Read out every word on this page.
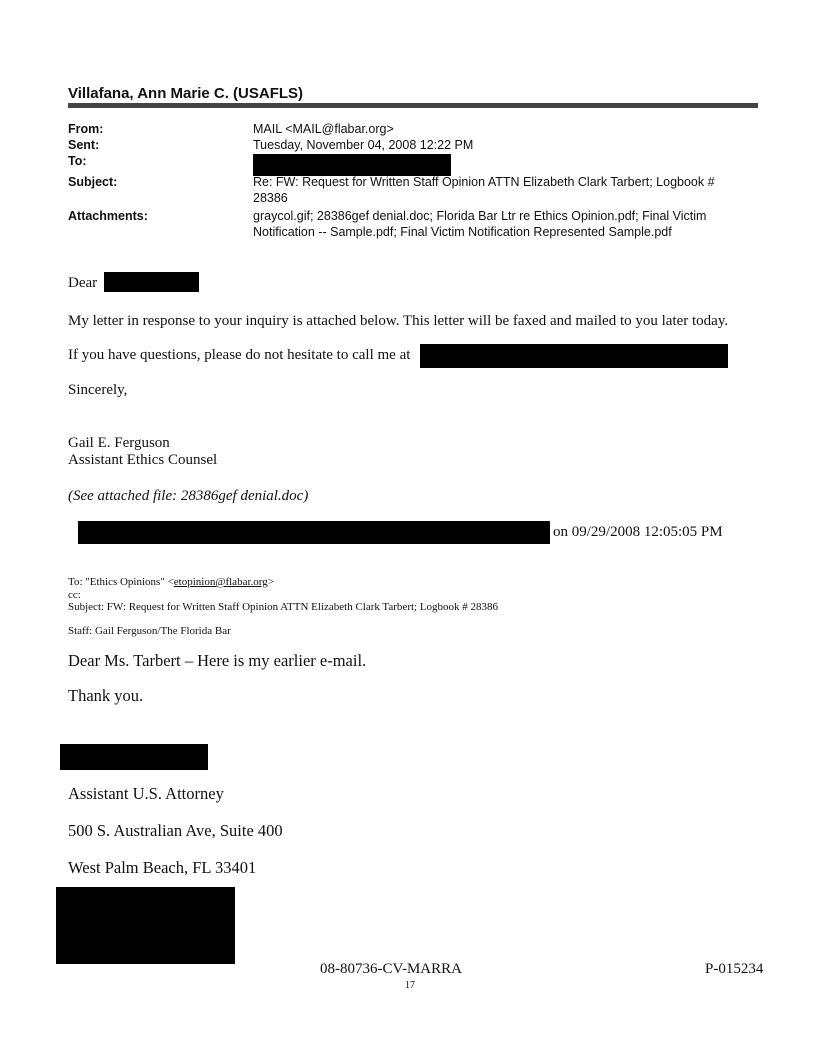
Villafana, Ann Marie C. (USAFLS)
From:	MAIL <MAIL@flabar.org>
Sent:	Tuesday, November 04, 2008 12:22 PM
To:
Subject:	Re: FW: Request for Written Staff Opinion ATTN Elizabeth Clark Tarbert; Logbook #
28386
Attachments:	graycol.gif; 28386gef denial.doc; Florida Bar Ltr re Ethics Opinion.pdf; Final Victim
Notification -- Sample.pdf; Final Victim Notification Represented Sample.pdf
Dear
My letter in response to your inquiry is attached below. This letter will be faxed and mailed to you later today.
If you have questions, please do not hesitate to call me at
Sincerely,
Gail E. Ferguson
Assistant Ethics Counsel
(See attached file: 28386gef denial.doc)
on 09/29/2008 12:05:05 PM
To: "Ethics Opinions" <etopinion@flabar.org>
cc:
Subject: FW: Request for Written Staff Opinion ATTN Elizabeth Clark Tarbert; Logbook # 28386
Staff: Gail Ferguson/The Florida Bar
Dear Ms. Tarbert – Here is my earlier e-mail.
Thank you.
Assistant U.S. Attorney
500 S. Australian Ave, Suite 400
West Palm Beach, FL 33401
08-80736-CV-MARRA
17
P-015234
